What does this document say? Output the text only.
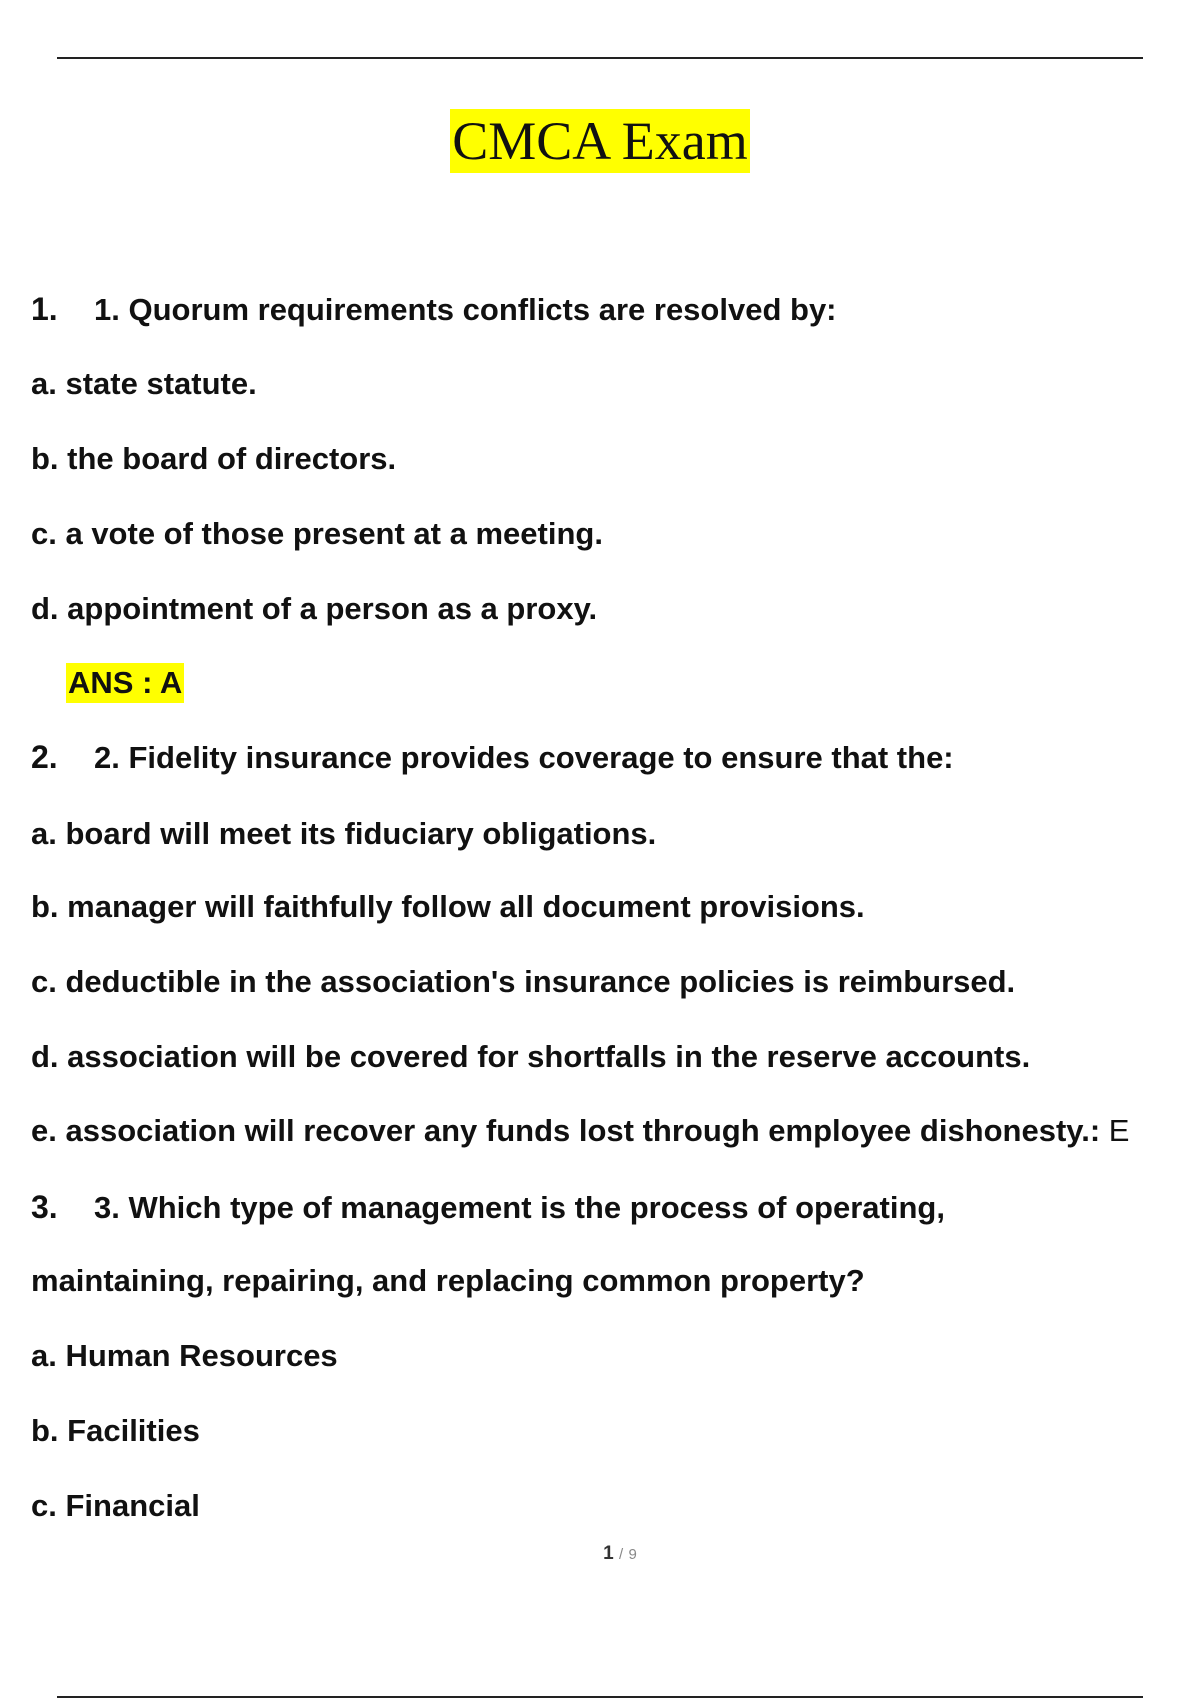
CMCA Exam
1. 1. Quorum requirements conflicts are resolved by:
a. state statute.
b. the board of directors.
c. a vote of those present at a meeting.
d. appointment of a person as a proxy.
ANS : A
2. 2. Fidelity insurance provides coverage to ensure that the:
a. board will meet its fiduciary obligations.
b. manager will faithfully follow all document provisions.
c. deductible in the association's insurance policies is reimbursed.
d. association will be covered for shortfalls in the reserve accounts.
e. association will recover any funds lost through employee dishonesty.: E
3. 3. Which type of management is the process of operating,
maintaining, repairing, and replacing common property?
a. Human Resources
b. Facilities
c. Financial
1 / 9
